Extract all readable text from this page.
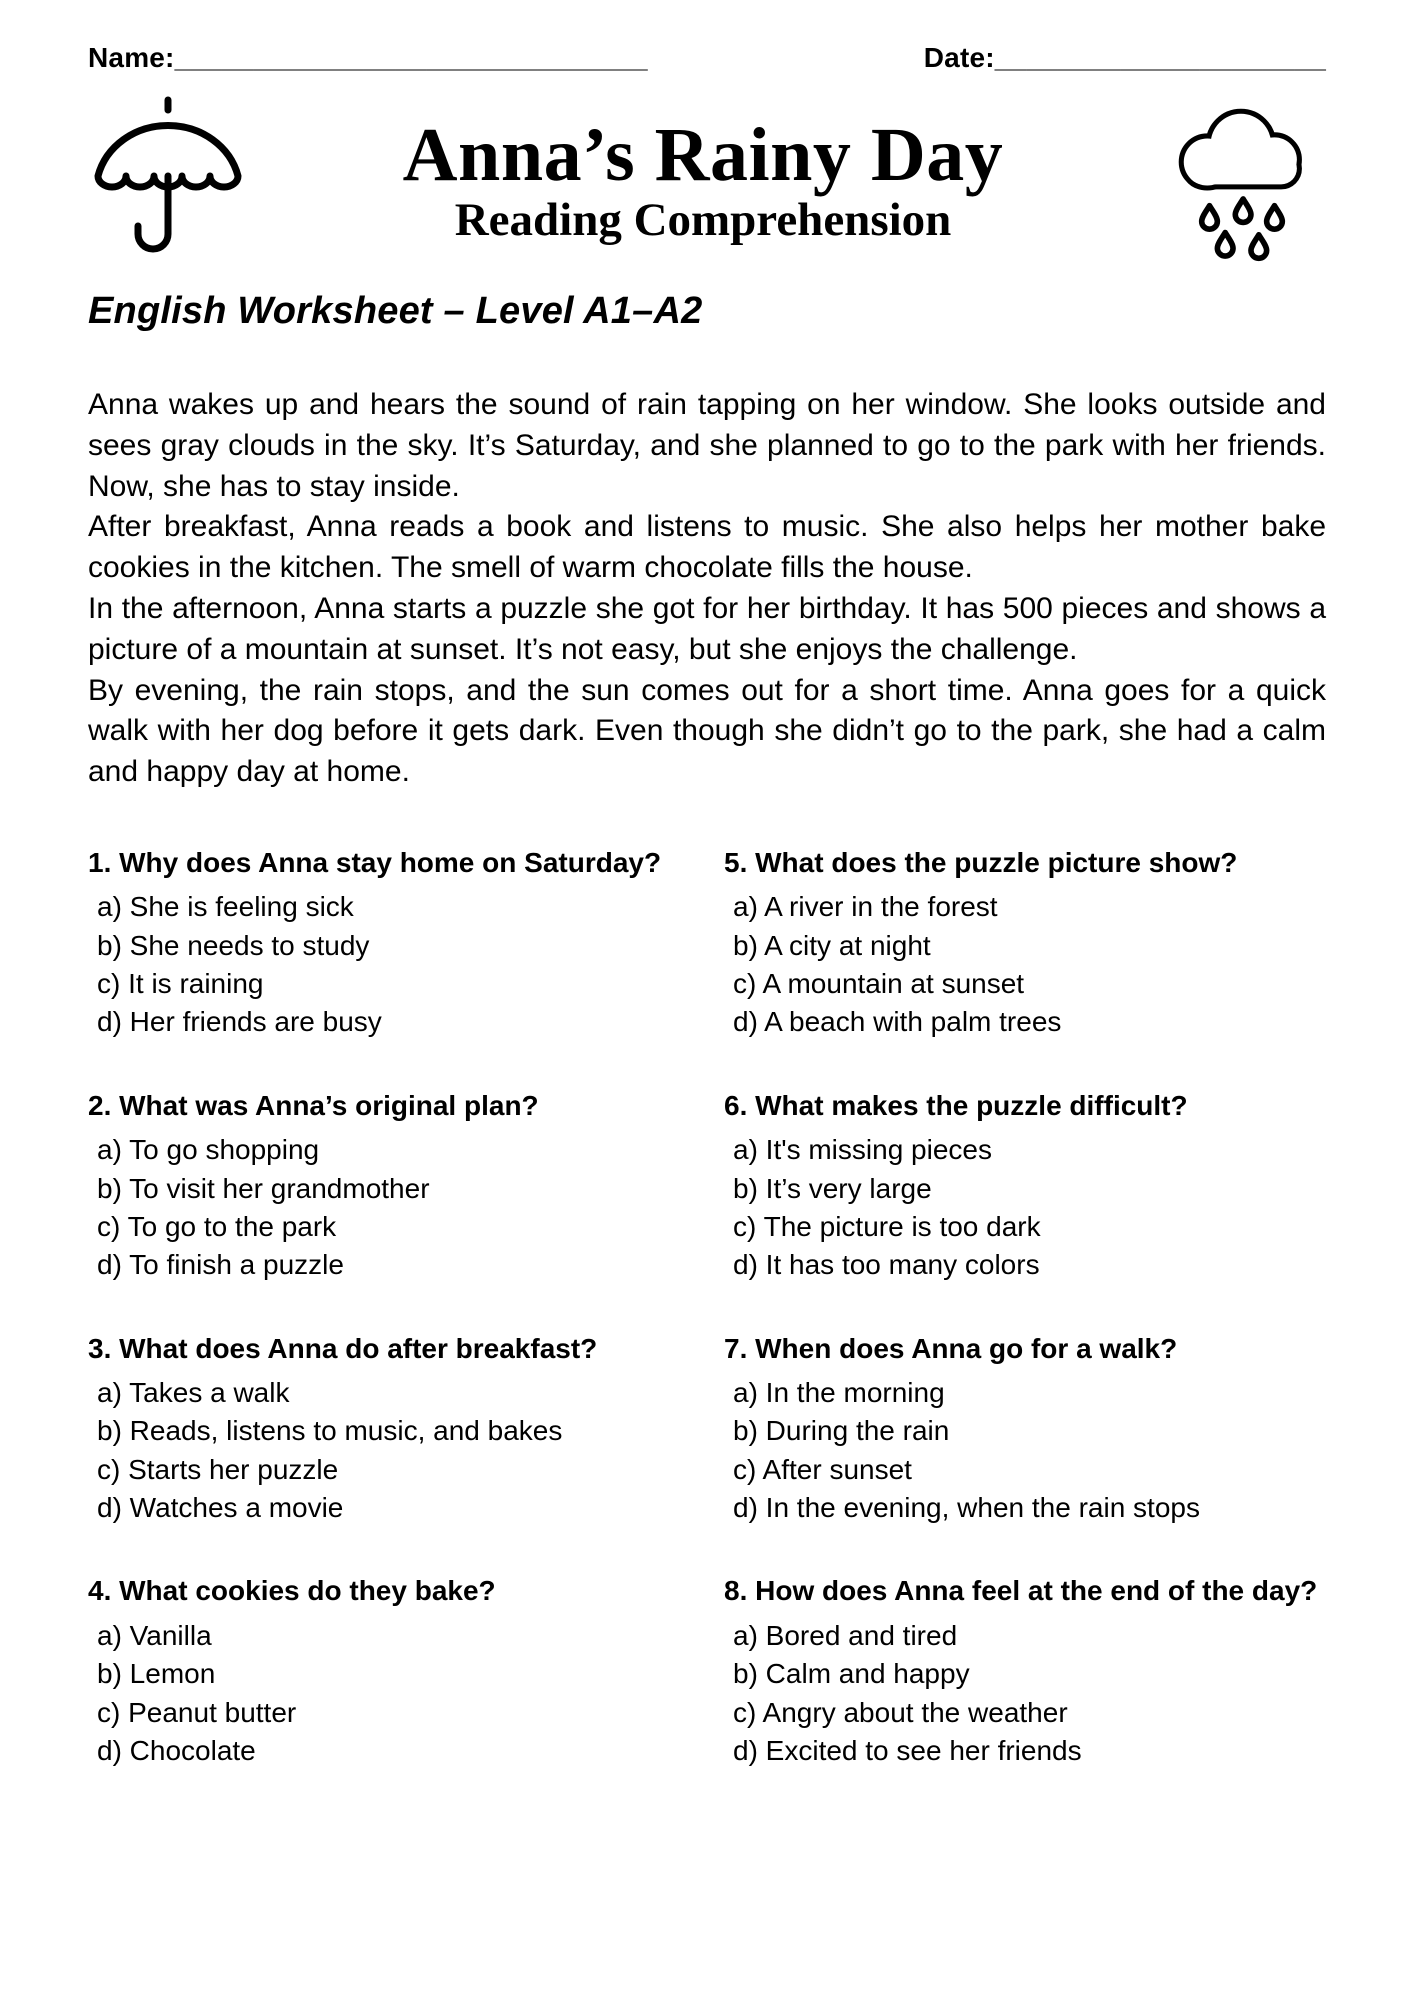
Name:______________________________	Date:_____________________
Anna’s Rainy Day
Reading Comprehension

English Worksheet – Level A1–A2

Anna wakes up and hears the sound of rain tapping on her window. She looks outside and sees gray clouds in the sky. It’s Saturday, and she planned to go to the park with her friends. Now, she has to stay inside.

After breakfast, Anna reads a book and listens to music. She also helps her mother bake cookies in the kitchen. The smell of warm chocolate fills the house.

In the afternoon, Anna starts a puzzle she got for her birthday. It has 500 pieces and shows a picture of a mountain at sunset. It’s not easy, but she enjoys the challenge.

By evening, the rain stops, and the sun comes out for a short time. Anna goes for a quick walk with her dog before it gets dark. Even though she didn’t go to the park, she had a calm and happy day at home.

1. Why does Anna stay home on Saturday?

a) She is feeling sick

b) She needs to study

c) It is raining

d) Her friends are busy

2. What was Anna’s original plan?

a) To go shopping

b) To visit her grandmother

c) To go to the park

d) To finish a puzzle

3. What does Anna do after breakfast?

a) Takes a walk

b) Reads, listens to music, and bakes

c) Starts her puzzle

d) Watches a movie

4. What cookies do they bake?

a) Vanilla

b) Lemon

c) Peanut butter

d) Chocolate

5. What does the puzzle picture show?

a) A river in the forest

b) A city at night

c) A mountain at sunset

d) A beach with palm trees

6. What makes the puzzle difficult?

a) It's missing pieces

b) It’s very large

c) The picture is too dark

d) It has too many colors

7. When does Anna go for a walk?

a) In the morning

b) During the rain

c) After sunset

d) In the evening, when the rain stops

8. How does Anna feel at the end of the day?

a) Bored and tired

b) Calm and happy

c) Angry about the weather

d) Excited to see her friends
